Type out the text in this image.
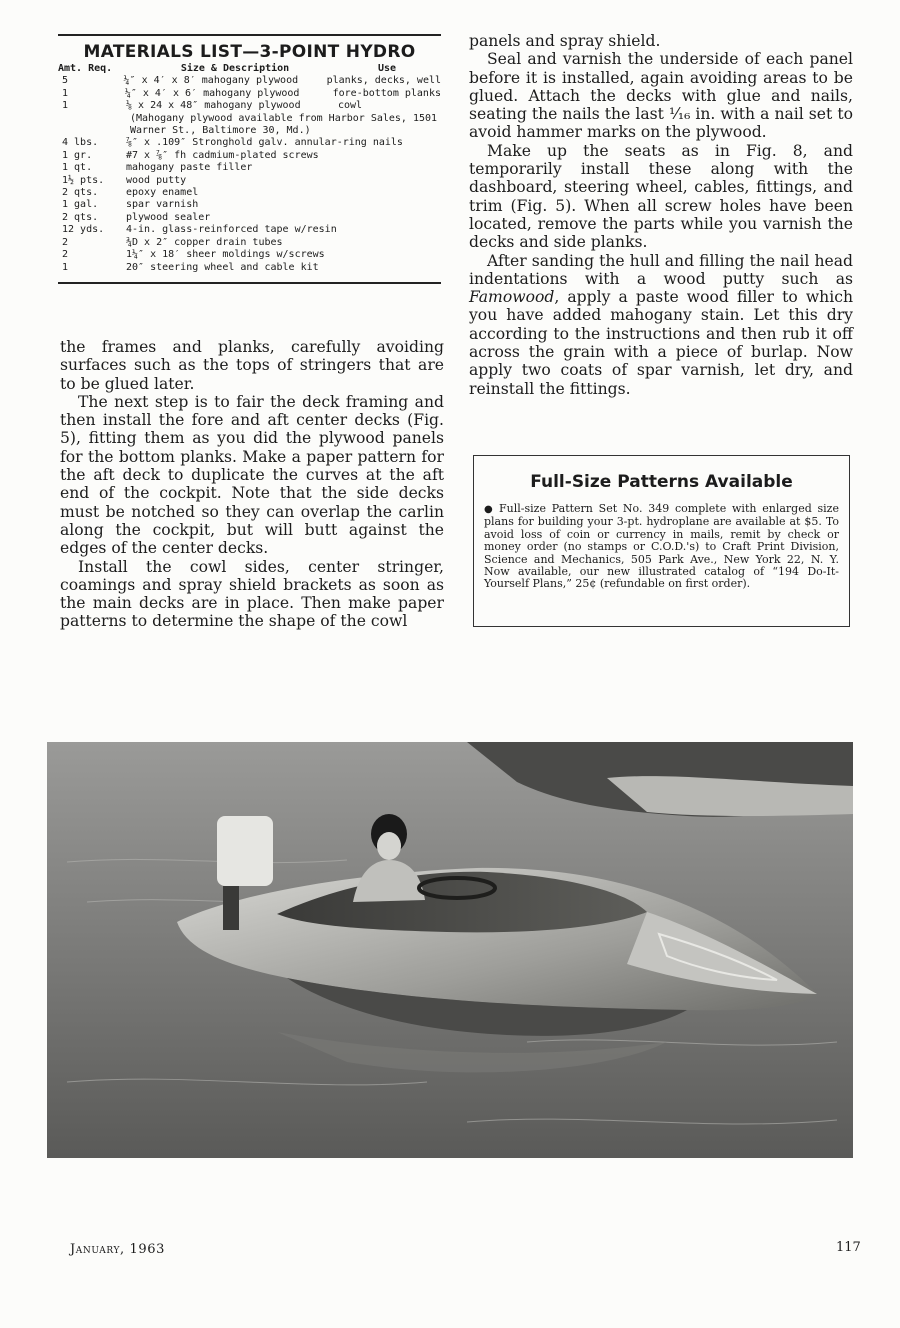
MATERIALS LIST—3-POINT HYDRO
Amt. Req.	Size & Description	Use
5	¼″ x 4′ x 8′ mahogany plywood	planks, decks, well
1	¼″ x 4′ x 6′ mahogany plywood	fore-bottom planks
1	⅛ x 24 x 48″ mahogany plywood	cowl
(Mahogany plywood available from Harbor Sales, 1501 Warner St., Baltimore 30, Md.)
4 lbs.	⅞″ x .109″ Stronghold galv. annular-ring nails
1 gr.	#7 x ⅞″ fh cadmium-plated screws
1 qt.	mahogany paste filler
1½ pts.	wood putty
2 qts.	epoxy enamel
1 gal.	spar varnish
2 qts.	plywood sealer
12 yds.	4-in. glass-reinforced tape w/resin
2	¾D x 2″ copper drain tubes
2	1¼″ x 18′ sheer moldings w/screws
1	20″ steering wheel and cable kit

the frames and planks, carefully avoiding surfaces such as the tops of stringers that are to be glued later.

The next step is to fair the deck framing and then install the fore and aft center decks (Fig. 5), fitting them as you did the plywood panels for the bottom planks. Make a paper pattern for the aft deck to duplicate the curves at the aft end of the cockpit. Note that the side decks must be notched so they can overlap the carlin along the cockpit, but will butt against the edges of the center decks.

Install the cowl sides, center stringer, coamings and spray shield brackets as soon as the main decks are in place. Then make paper patterns to determine the shape of the cowl

panels and spray shield.

Seal and varnish the underside of each panel before it is installed, again avoiding areas to be glued. Attach the decks with glue and nails, seating the nails the last ¹⁄₁₆ in. with a nail set to avoid hammer marks on the plywood.

Make up the seats as in Fig. 8, and temporarily install these along with the dashboard, steering wheel, cables, fittings, and trim (Fig. 5). When all screw holes have been located, remove the parts while you varnish the decks and side planks.

After sanding the hull and filling the nail head indentations with a wood putty such as Famowood, apply a paste wood filler to which you have added mahogany stain. Let this dry according to the instructions and then rub it off across the grain with a piece of burlap. Now apply two coats of spar varnish, let dry, and reinstall the fittings.

Full-Size Patterns Available
● Full-size Pattern Set No. 349 complete with enlarged size plans for building your 3-pt. hydroplane are available at $5. To avoid loss of coin or currency in mails, remit by check or money order (no stamps or C.O.D.'s) to Craft Print Division, Science and Mechanics, 505 Park Ave., New York 22, N. Y. Now available, our new illustrated catalog of “194 Do-It-Yourself Plans,” 25¢ (refundable on first order).
January, 1963	117
